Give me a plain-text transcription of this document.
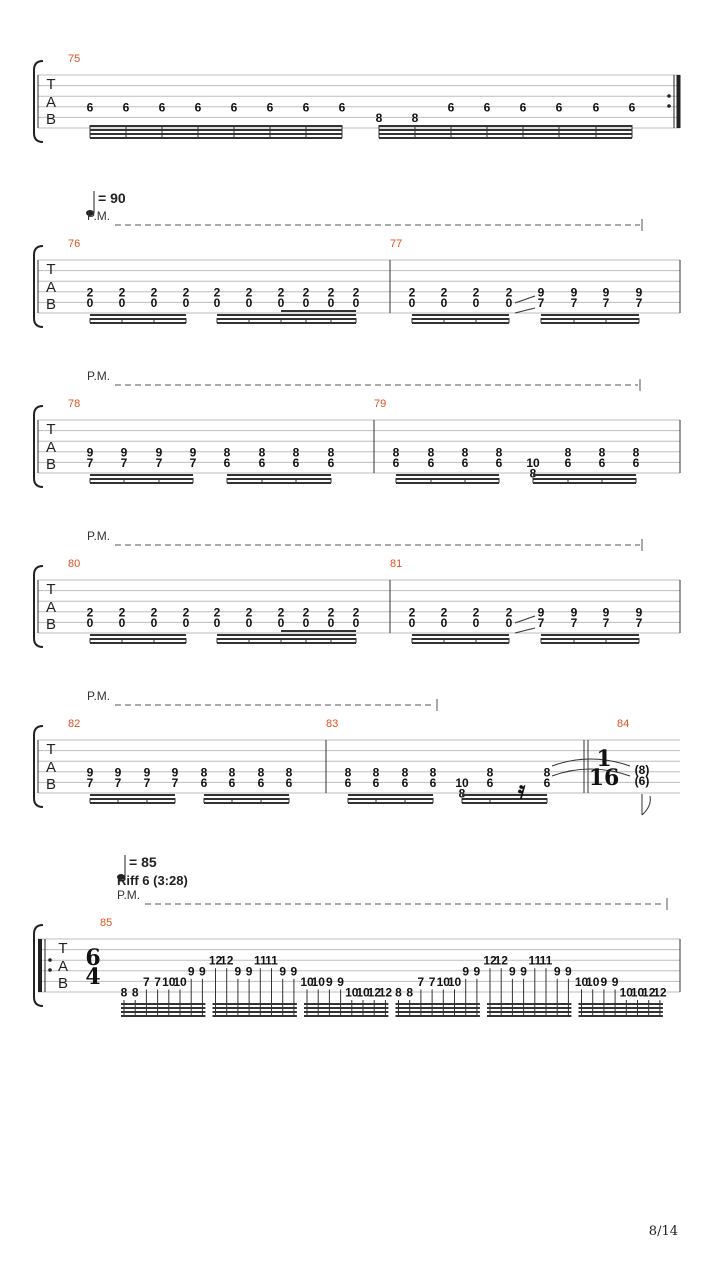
T
A
B
75
6 6 6 6 6 6 6 6
8 8
6 6 6 6	6 6
= 90
P.M.
T
A
B
76	77
2
0
2
0
2
0
2
0
2
0
2
0
2
0
2
0
2
0
2
0
2
0
2
0
2
0
2
0
9
7
9
7
9
7
9
7
P.M.
T
A
B
78	79
9
7
9
7
9
7
9
7
8
6
8
6
8
6
8
6
8
6
8
6
8
6
8
6 10
8
8
6
8
6
8
6
P.M.
T
A
B
80	81
2
0
2
0
2
0
2
0
2
0
2
0
2
0
2
0
2
0
2
0
2
0
2
0
2
0
2
0
9
7
9
7
9
7
9
7
P.M.
T
A
B
82	83	84
9
7
9
7
9
7
9
7
8
6
8
6
8
6
8
6
8
6
8
6
8
6
8
6 10
8
8
6
8
6
𝄿
1
16 (8)
(6)
= 85
Riff 6 (3:28)
P.M.
T
A
B
6
4
85
8 8
7 7 10
10
9 9
12
12
9 9
11
11
9 9
10
10 9 9
10
10
12
12 8 8
7 7 10
10
9 9
12
12
9 9
11
11
9 9
10
10 9 9
10
10
12
12
8/14
